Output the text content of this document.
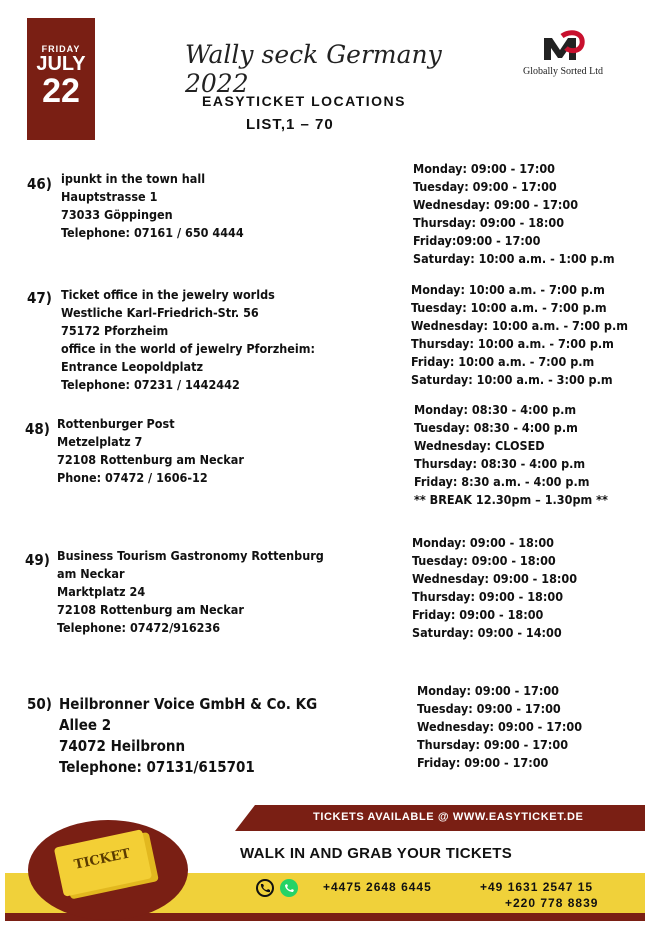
FRIDAY
JULY
22
Wally seck Germany 2022	Globally Sorted Ltd
EASYTICKET LOCATIONS
LIST,1 – 70
46) ipunkt in the town hall
Hauptstrasse 1
73033 Göppingen
Telephone: 07161 / 650 4444
Monday: 09:00 - 17:00
Tuesday: 09:00 - 17:00
Wednesday: 09:00 - 17:00
Thursday: 09:00 - 18:00
Friday:09:00 - 17:00
Saturday: 10:00 a.m. - 1:00 p.m
47) Ticket office in the jewelry worlds
Westliche Karl-Friedrich-Str. 56
75172 Pforzheim
office in the world of jewelry Pforzheim:
Entrance Leopoldplatz
Telephone: 07231 / 1442442
Monday: 10:00 a.m. - 7:00 p.m
Tuesday: 10:00 a.m. - 7:00 p.m
Wednesday: 10:00 a.m. - 7:00 p.m
Thursday: 10:00 a.m. - 7:00 p.m
Friday: 10:00 a.m. - 7:00 p.m
Saturday: 10:00 a.m. - 3:00 p.m
48) Rottenburger Post
Metzelplatz 7
72108 Rottenburg am Neckar
Phone: 07472 / 1606-12
Monday: 08:30 - 4:00 p.m
Tuesday: 08:30 - 4:00 p.m
Wednesday: CLOSED
Thursday: 08:30 - 4:00 p.m
Friday: 8:30 a.m. - 4:00 p.m
** BREAK 12.30pm – 1.30pm **
49) Business Tourism Gastronomy Rottenburg
am Neckar
Marktplatz 24
72108 Rottenburg am Neckar
Telephone: 07472/916236
Monday: 09:00 - 18:00
Tuesday: 09:00 - 18:00
Wednesday: 09:00 - 18:00
Thursday: 09:00 - 18:00
Friday: 09:00 - 18:00
Saturday: 09:00 - 14:00
50) Heilbronner Voice GmbH & Co. KG
Allee 2
74072 Heilbronn
Telephone: 07131/615701
Monday: 09:00 - 17:00
Tuesday: 09:00 - 17:00
Wednesday: 09:00 - 17:00
Thursday: 09:00 - 17:00
Friday: 09:00 - 17:00
TICKETS AVAILABLE @ WWW.EASYTICKET.DE
WALK IN AND GRAB YOUR TICKETS
TICKET

+4475 2648 6445	+49 1631 2547 15
+220 778 8839
